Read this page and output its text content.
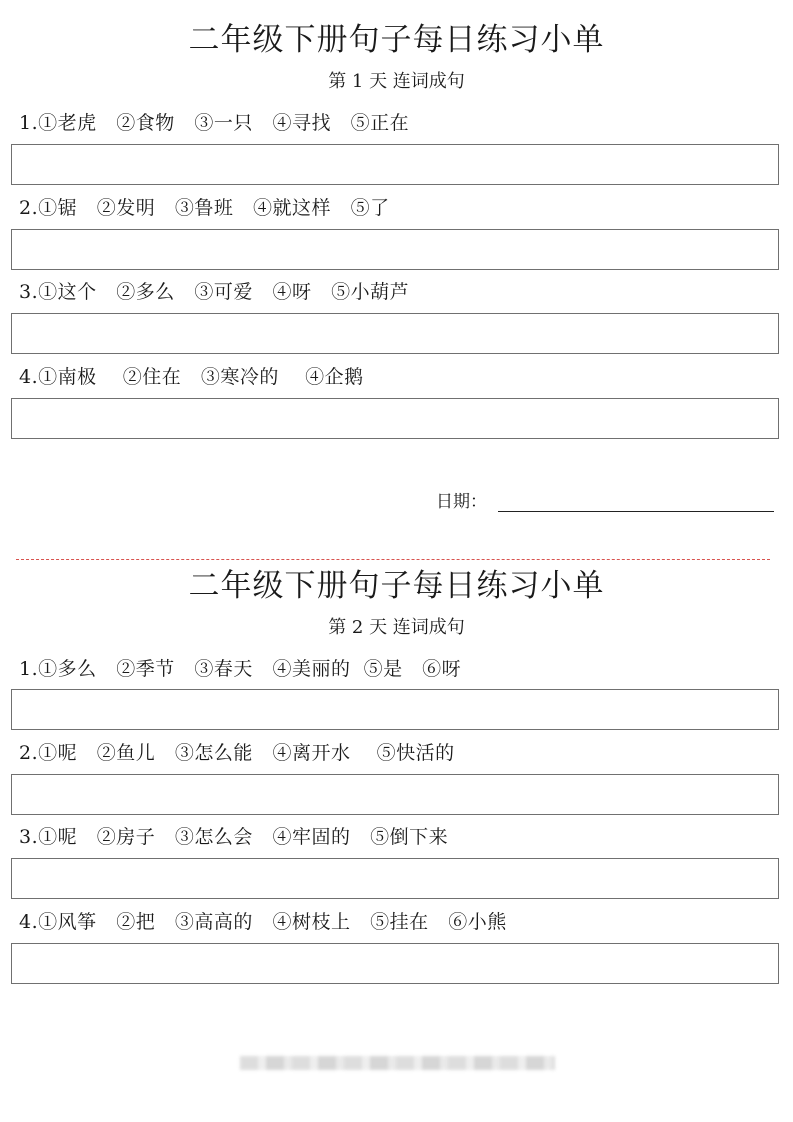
二年级下册句子每日练习小单
第 1 天 连词成句
1.①老虎   ②食物   ③一只   ④寻找   ⑤正在
2.①锯   ②发明   ③鲁班   ④就这样   ⑤了
3.①这个   ②多么   ③可爱   ④呀   ⑤小葫芦
4.①南极    ②住在   ③寒冷的    ④企鹅
日期：
二年级下册句子每日练习小单
第 2 天 连词成句
1.①多么   ②季节   ③春天   ④美丽的  ⑤是   ⑥呀
2.①呢   ②鱼儿   ③怎么能   ④离开水    ⑤快活的
3.①呢   ②房子   ③怎么会   ④牢固的   ⑤倒下来
4.①风筝   ②把   ③高高的   ④树枝上   ⑤挂在   ⑥小熊
